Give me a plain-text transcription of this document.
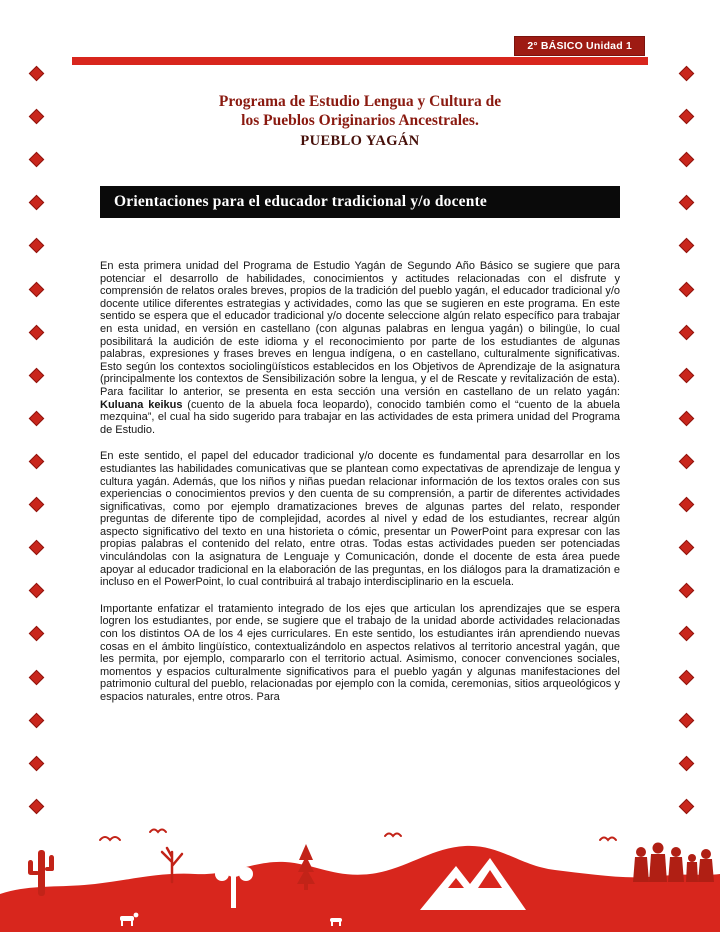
2° BÁSICO Unidad 1
Programa de Estudio Lengua y Cultura de
los Pueblos Originarios Ancestrales.
PUEBLO YAGÁN
Orientaciones para el educador tradicional y/o docente

En esta primera unidad del Programa de Estudio Yagán de Segundo Año Básico se sugiere que para potenciar el desarrollo de habilidades, conocimientos y actitudes relacionadas con el disfrute y comprensión de relatos orales breves, propios de la tradición del pueblo yagán, el educador tradicional y/o docente utilice diferentes estrategias y actividades, como las que se sugieren en este programa. En este sentido se espera que el educador tradicional y/o docente seleccione algún relato específico para trabajar en esta unidad, en versión en castellano (con algunas palabras en lengua yagán) o bilingüe, lo cual posibilitará la audición de este idioma y el reconocimiento por parte de los estudiantes de algunas palabras, expresiones y frases breves en lengua indígena, o en castellano, culturalmente significativas. Esto según los contextos sociolingüísticos establecidos en los Objetivos de Aprendizaje de la asignatura (principalmente los contextos de Sensibilización sobre la lengua, y el de Rescate y revitalización de esta). Para facilitar lo anterior, se presenta en esta sección una versión en castellano de un relato yagán: Kuluana keikus (cuento de la abuela foca leopardo), conocido también como el “cuento de la abuela mezquina”, el cual ha sido sugerido para trabajar en las actividades de esta primera unidad del Programa de Estudio.

En este sentido, el papel del educador tradicional y/o docente es fundamental para desarrollar en los estudiantes las habilidades comunicativas que se plantean como expectativas de aprendizaje de lengua y cultura yagán. Además, que los niños y niñas puedan relacionar información de los textos orales con sus experiencias o conocimientos previos y den cuenta de su comprensión, a partir de diferentes actividades significativas, como por ejemplo dramatizaciones breves de algunas partes del relato, responder preguntas de diferente tipo de complejidad, acordes al nivel y edad de los estudiantes, recrear algún aspecto significativo del texto en una historieta o cómic, presentar un PowerPoint para expresar con las propias palabras el contenido del relato, entre otras. Todas estas actividades pueden ser potenciadas vinculándolas con la asignatura de Lenguaje y Comunicación, donde el docente de esta área puede apoyar al educador tradicional en la elaboración de las preguntas, en los diálogos para la dramatización e incluso en el PowerPoint, lo cual contribuirá al trabajo interdisciplinario en la escuela.

Importante enfatizar el tratamiento integrado de los ejes que articulan los aprendizajes que se espera logren los estudiantes, por ende, se sugiere que el trabajo de la unidad aborde actividades relacionadas con los distintos OA de los 4 ejes curriculares. En este sentido, los estudiantes irán aprendiendo nuevas cosas en el ámbito lingüístico, contextualizándolo en aspectos relativos al territorio ancestral yagán, que les permita, por ejemplo, compararlo con el territorio actual. Asimismo, conocer convenciones sociales, momentos y espacios culturalmente significativos para el pueblo yagán y algunas manifestaciones del patrimonio cultural del pueblo, relacionadas por ejemplo con la comida, ceremonias, sitios arqueológicos y espacios naturales, entre otros. Para
